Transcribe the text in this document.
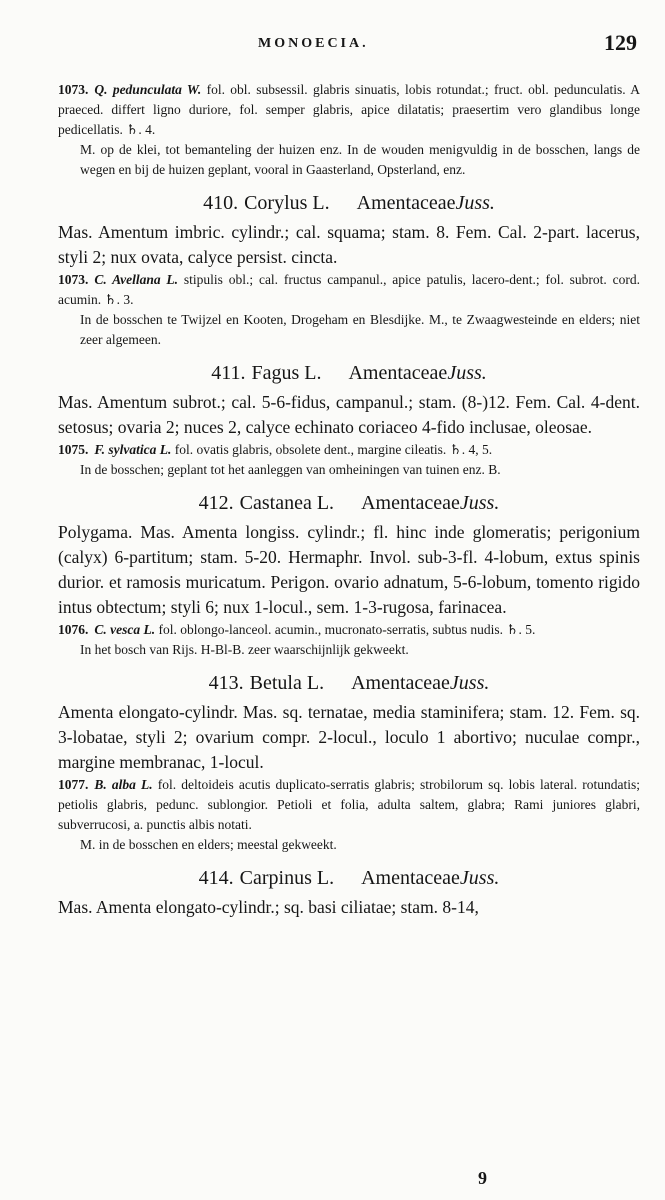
MONOECIA.	129

1073. Q. pedunculata W. fol. obl. subsessil. glabris sinuatis, lobis rotundat.; fruct. obl. pedunculatis. A praeced. differt ligno duriore, fol. semper glabris, apice dilatatis; praesertim vero glandibus longe pedicellatis. ♄. 4.

M. op de klei, tot bemanteling der huizen enz. In de wouden menigvuldig in de bosschen, langs de wegen en bij de huizen geplant, vooral in Gaasterland, Opsterland, enz.

410. Corylus L. AmentaceaeJuss.

Mas. Amentum imbric. cylindr.; cal. squama; stam. 8. Fem. Cal. 2-part. lacerus, styli 2; nux ovata, calyce persist. cincta.

1073. C. Avellana L. stipulis obl.; cal. fructus campanul., apice patulis, lacero-dent.; fol. subrot. cord. acumin. ♄. 3.

In de bosschen te Twijzel en Kooten, Drogeham en Blesdijke. M., te Zwaagwesteinde en elders; niet zeer algemeen.

411. Fagus L. AmentaceaeJuss.

Mas. Amentum subrot.; cal. 5-6-fidus, campanul.; stam. (8-)12. Fem. Cal. 4-dent. setosus; ovaria 2; nuces 2, calyce echinato coriaceo 4-fido inclusae, oleosae.

1075. F. sylvatica L. fol. ovatis glabris, obsolete dent., margine cileatis. ♄. 4, 5.

In de bosschen; geplant tot het aanleggen van omheiningen van tuinen enz. B.

412. Castanea L. AmentaceaeJuss.

Polygama. Mas. Amenta longiss. cylindr.; fl. hinc inde glomeratis; perigonium (calyx) 6-partitum; stam. 5-20. Hermaphr. Invol. sub-3-fl. 4-lobum, extus spinis durior. et ramosis muricatum. Perigon. ovario adnatum, 5-6-lobum, tomento rigido intus obtectum; styli 6; nux 1-locul., sem. 1-3-rugosa, farinacea.

1076. C. vesca L. fol. oblongo-lanceol. acumin., mucronato-serratis, subtus nudis. ♄. 5.

In het bosch van Rijs. H-Bl-B. zeer waarschijnlijk gekweekt.

413. Betula L. AmentaceaeJuss.

Amenta elongato-cylindr. Mas. sq. ternatae, media staminifera; stam. 12. Fem. sq. 3-lobatae, styli 2; ovarium compr. 2-locul., loculo 1 abortivo; nuculae compr., margine membranac, 1-locul.

1077. B. alba L. fol. deltoideis acutis duplicato-serratis glabris; strobilorum sq. lobis lateral. rotundatis; petiolis glabris, pedunc. sublongior. Petioli et folia, adulta saltem, glabra; Rami juniores glabri, subverrucosi, a. punctis albis notati.

M. in de bosschen en elders; meestal gekweekt.

414. Carpinus L. AmentaceaeJuss.

Mas. Amenta elongato-cylindr.; sq. basi ciliatae; stam. 8-14,

9
